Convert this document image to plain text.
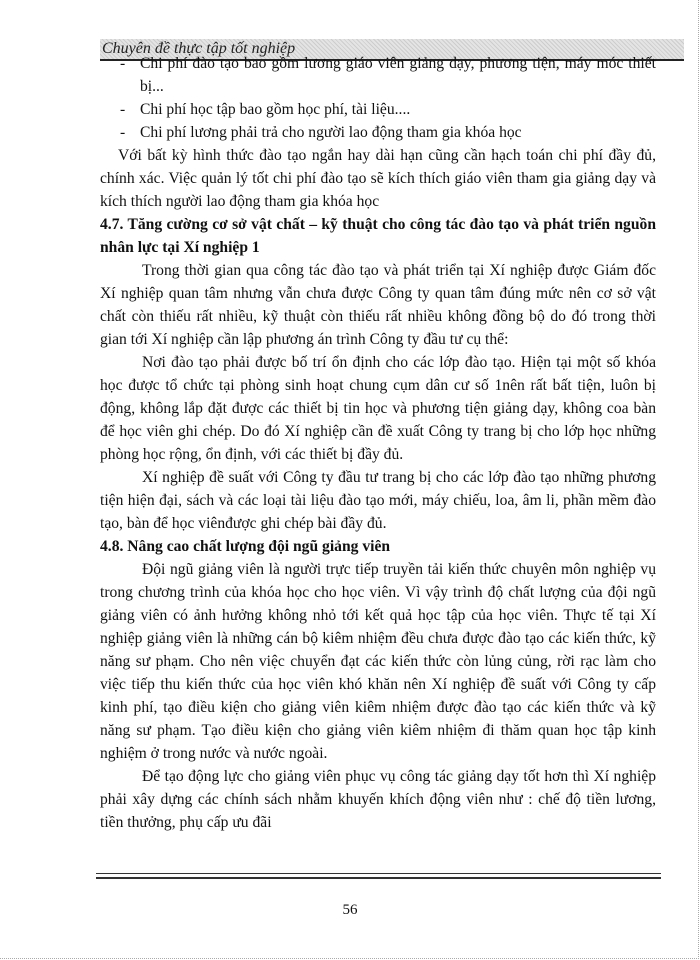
Chuyên đề thực tập tốt nghiệp

- Chi phí đào tạo bao gồm lương giáo viên giảng dạy, phương tiện, máy móc thiết bị...

- Chi phí học tập bao gồm học phí, tài liệu....

- Chi phí lương phải trả cho người lao động tham gia khóa học

Với bất kỳ hình thức đào tạo ngắn hay dài hạn cũng cần hạch toán chi phí đầy đủ, chính xác. Việc quản lý tốt chi phí đào tạo sẽ kích thích giáo viên tham gia giảng dạy và kích thích người lao động tham gia khóa học

4.7. Tăng cường cơ sở vật chất – kỹ thuật cho công tác đào tạo và phát triển nguồn nhân lực tại Xí nghiệp 1

Trong thời gian qua công tác đào tạo và phát triển tại Xí nghiệp được Giám đốc Xí nghiệp quan tâm nhưng vẫn chưa được Công ty quan tâm đúng mức nên cơ sở vật chất còn thiếu rất nhiều, kỹ thuật còn thiếu rất nhiều không đồng bộ do đó trong thời gian tới Xí nghiệp cần lập phương án trình Công ty đầu tư cụ thể:

Nơi đào tạo phải được bố trí ổn định cho các lớp đào tạo. Hiện tại một số khóa học được tổ chức tại phòng sinh hoạt chung cụm dân cư số 1nên rất bất tiện, luôn bị động, không lắp đặt được các thiết bị tin học và phương tiện giảng dạy, không coa bàn để học viên ghi chép. Do đó Xí nghiệp cần đề xuất Công ty trang bị cho lớp học những phòng học rộng, ổn định, với các thiết bị đầy đủ.

Xí nghiệp đề suất với Công ty đầu tư trang bị cho các lớp đào tạo những phương tiện hiện đại, sách và các loại tài liệu đào tạo mới, máy chiếu, loa, âm li, phần mềm đào tạo, bàn để học viênđược ghi chép bài đầy đủ.

4.8. Nâng cao chất lượng đội ngũ giảng viên

Đội ngũ giảng viên là người trực tiếp truyền tải kiến thức chuyên môn nghiệp vụ trong chương trình của khóa học cho học viên. Vì vậy trình độ chất lượng của đội ngũ giảng viên có ảnh hưởng không nhỏ tới kết quả học tập của học viên. Thực tế tại Xí nghiệp giảng viên là những cán bộ kiêm nhiệm đều chưa được đào tạo các kiến thức, kỹ năng sư phạm. Cho nên việc chuyển đạt các kiến thức còn lủng củng, rời rạc làm cho việc tiếp thu kiến thức của học viên khó khăn nên Xí nghiệp đề suất với Công ty cấp kinh phí, tạo điều kiện cho giảng viên kiêm nhiệm được đào tạo các kiến thức và kỹ năng sư phạm. Tạo điều kiện cho giảng viên kiêm nhiệm đi thăm quan học tập kinh nghiệm ở trong nước và nước ngoài.

Để tạo động lực cho giảng viên phục vụ công tác giảng dạy tốt hơn thì Xí nghiệp phải xây dựng các chính sách nhằm khuyến khích động viên như : chế độ tiền lương, tiền thưởng, phụ cấp ưu đãi

56
